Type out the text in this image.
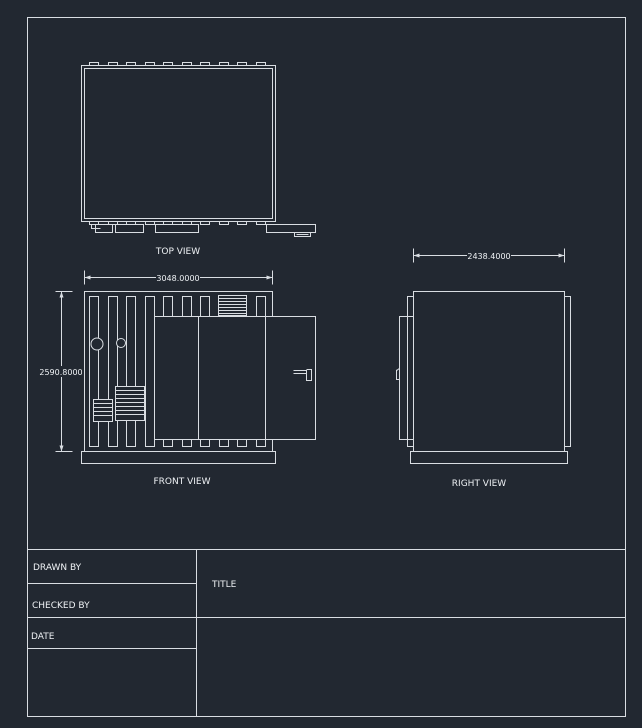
TOP VIEW
3048.0000
2590.8000
FRONT VIEW
2438.4000
RIGHT VIEW
DRAWN BY
CHECKED BY
DATE
TITLE
